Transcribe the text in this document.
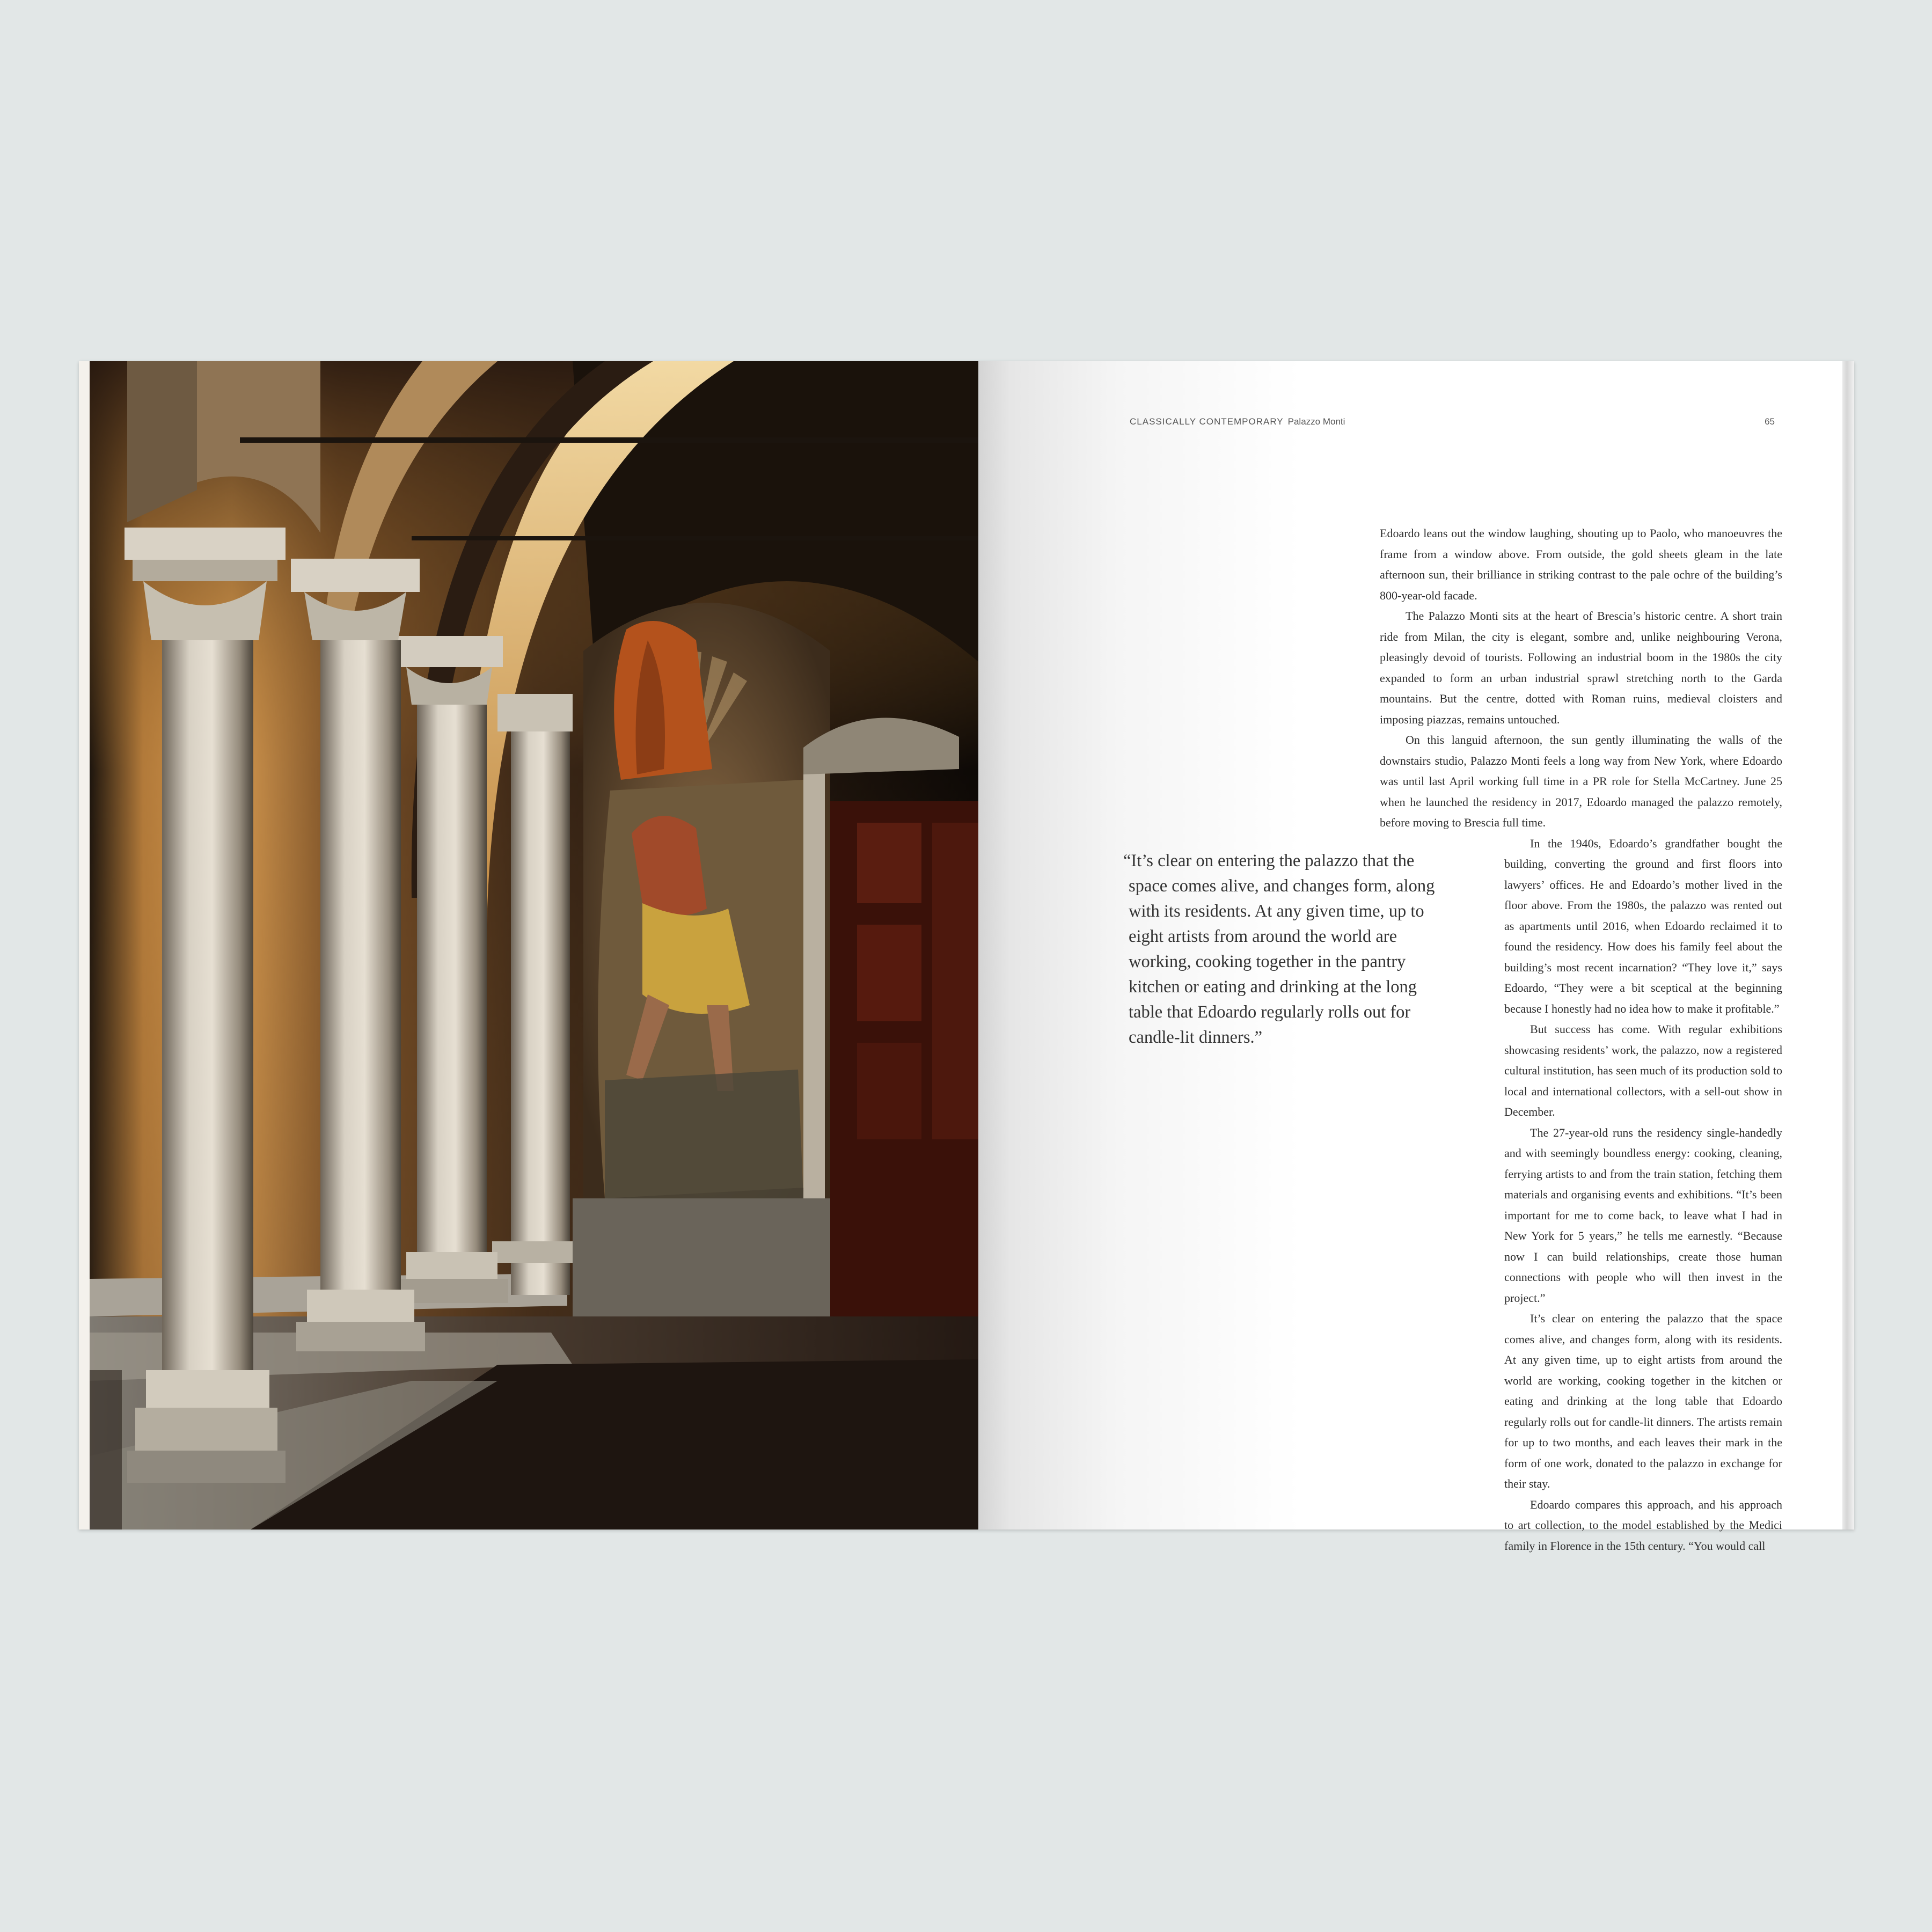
CLASSICALLY CONTEMPORARY Palazzo Monti	65

“It’s clear on entering the palazzo that the space comes alive, and changes form, along with its residents. At any given time, up to eight artists from around the world are working, cooking together in the pantry kitchen or eating and drinking at the long table that Edoardo regularly rolls out for candle-lit dinners.”

Edoardo leans out the window laughing, shouting up to Paolo, who manoeuvres the frame from a window above. From outside, the gold sheets gleam in the late afternoon sun, their brilliance in striking contrast to the pale ochre of the building’s 800-year-old facade.

The Palazzo Monti sits at the heart of Brescia’s historic centre. A short train ride from Milan, the city is elegant, sombre and, unlike neighbouring Verona, pleasingly devoid of tourists. Following an industrial boom in the 1980s the city expanded to form an urban industrial sprawl stretching north to the Garda mountains. But the centre, dotted with Roman ruins, medieval cloisters and imposing piazzas, remains untouched.

On this languid afternoon, the sun gently illuminating the walls of the downstairs studio, Palazzo Monti feels a long way from New York, where Edoardo was until last April working full time in a PR role for Stella McCartney. June 25 when he launched the residency in 2017, Edoardo managed the palazzo remotely, before moving to Brescia full time.

In the 1940s, Edoardo’s grandfather bought the building, converting the ground and first floors into lawyers’ offices. He and Edoardo’s mother lived in the floor above. From the 1980s, the palazzo was rented out as apartments until 2016, when Edoardo reclaimed it to found the residency. How does his family feel about the building’s most recent incarnation? “They love it,” says Edoardo, “They were a bit sceptical at the beginning because I honestly had no idea how to make it profitable.”

But success has come. With regular exhibitions showcasing residents’ work, the palazzo, now a registered cultural institution, has seen much of its production sold to local and international collectors, with a sell-out show in December.

The 27-year-old runs the residency single-handedly and with seemingly boundless energy: cooking, cleaning, ferrying artists to and from the train station, fetching them materials and organising events and exhibitions. “It’s been important for me to come back, to leave what I had in New York for 5 years,” he tells me earnestly. “Because now I can build relationships, create those human connections with people who will then invest in the project.”

It’s clear on entering the palazzo that the space comes alive, and changes form, along with its residents. At any given time, up to eight artists from around the world are working, cooking together in the kitchen or eating and drinking at the long table that Edoardo regularly rolls out for candle-lit dinners. The artists remain for up to two months, and each leaves their mark in the form of one work, donated to the palazzo in exchange for their stay.

Edoardo compares this approach, and his approach to art collection, to the model established by the Medici family in Florence in the 15th century. “You would call
